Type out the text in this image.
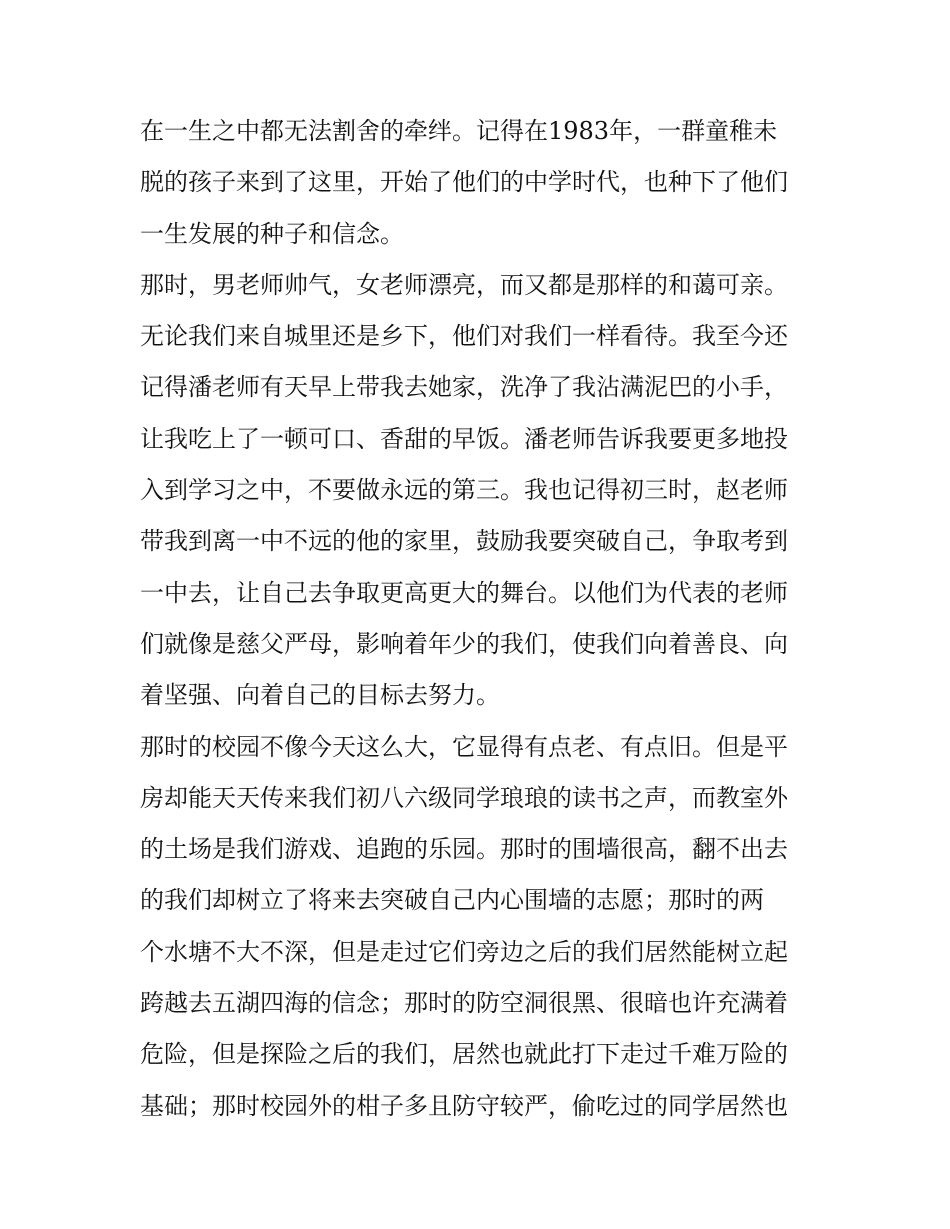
在一生之中都无法割舍的牵绊。记得在1983年，一群童稚未
脱的孩子来到了这里，开始了他们的中学时代，也种下了他们
一生发展的种子和信念。
那时，男老师帅气，女老师漂亮，而又都是那样的和蔼可亲。
无论我们来自城里还是乡下，他们对我们一样看待。我至今还
记得潘老师有天早上带我去她家，洗净了我沾满泥巴的小手，
让我吃上了一顿可口、香甜的早饭。潘老师告诉我要更多地投
入到学习之中，不要做永远的第三。我也记得初三时，赵老师
带我到离一中不远的他的家里，鼓励我要突破自己，争取考到
一中去，让自己去争取更高更大的舞台。以他们为代表的老师
们就像是慈父严母，影响着年少的我们，使我们向着善良、向
着坚强、向着自己的目标去努力。
那时的校园不像今天这么大，它显得有点老、有点旧。但是平
房却能天天传来我们初八六级同学琅琅的读书之声，而教室外
的土场是我们游戏、追跑的乐园。那时的围墙很高，翻不出去
的我们却树立了将来去突破自己内心围墙的志愿；那时的两
个水塘不大不深，但是走过它们旁边之后的我们居然能树立起
跨越去五湖四海的信念；那时的防空洞很黑、很暗也许充满着
危险，但是探险之后的我们，居然也就此打下走过千难万险的
基础；那时校园外的柑子多且防守较严，偷吃过的同学居然也
